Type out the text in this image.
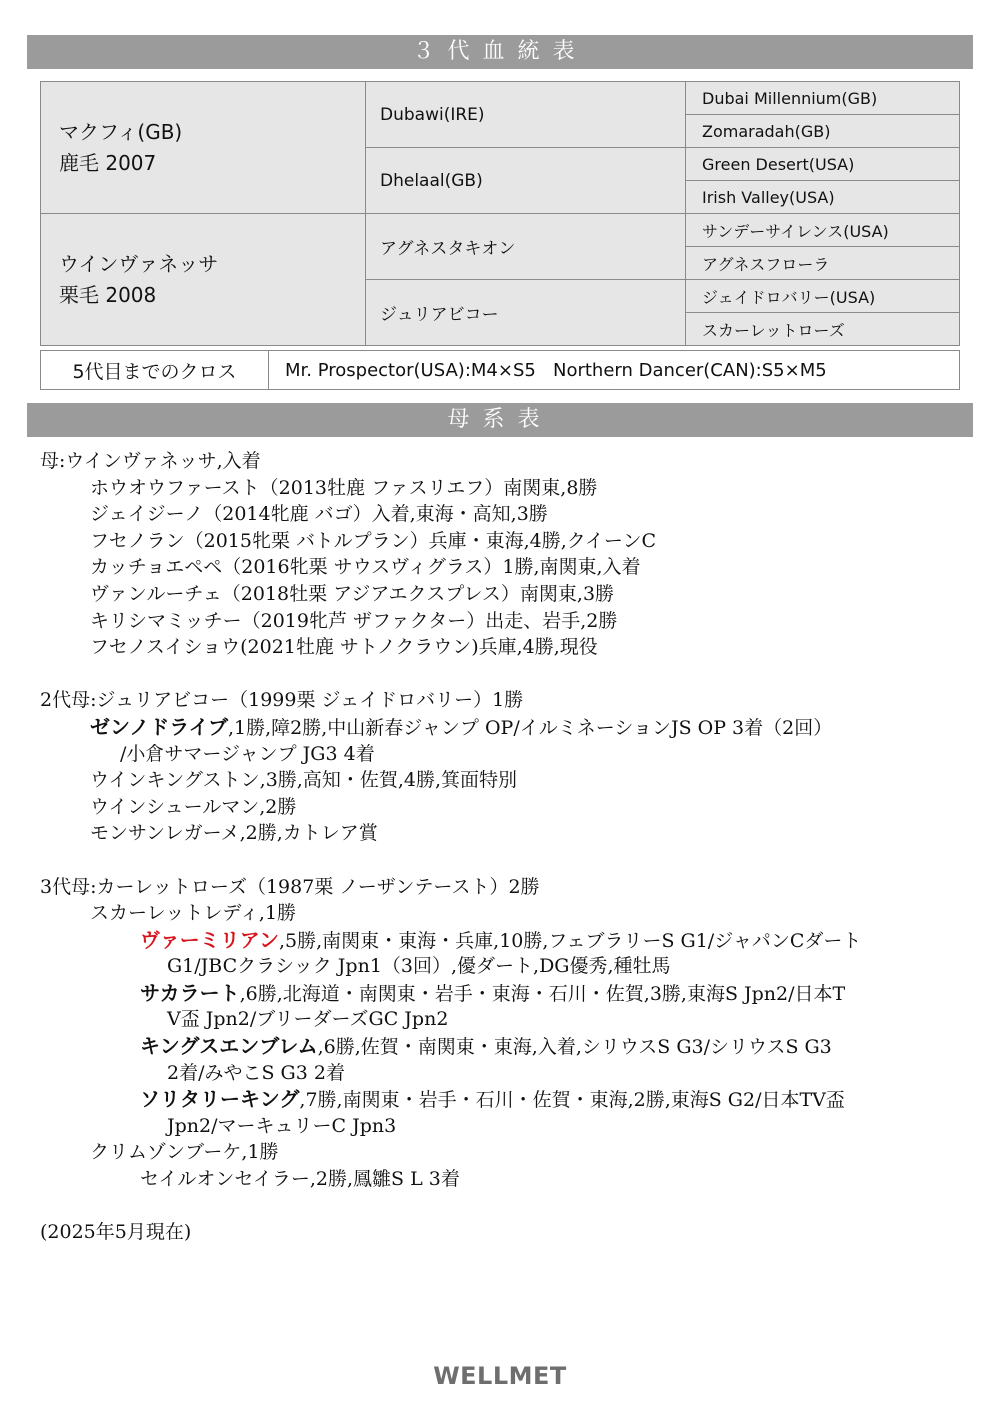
３代血統表
マクフィ(GB)
鹿毛 2007	Dubawi(IRE)	Dubai Millennium(GB)
		Zomaradah(GB)
	Dhelaal(GB)	Green Desert(USA)
		Irish Valley(USA)

ウインヴァネッサ
栗毛 2008	アグネスタキオン	サンデーサイレンス(USA)
		アグネスフローラ
	ジュリアビコー	ジェイドロバリー(USA)
		スカーレットローズ
5代目までのクロス	Mr. Prospector(USA):M4×S5   Northern Dancer(CAN):S5×M5
母系表
母:ウインヴァネッサ,入着
ホウオウファースト（2013牡鹿 ファスリエフ）南関東,8勝
ジェイジーノ（2014牝鹿 バゴ）入着,東海・高知,3勝
フセノラン（2015牝栗 バトルプラン）兵庫・東海,4勝,クイーンC
カッチョエペペ（2016牝栗 サウスヴィグラス）1勝,南関東,入着
ヴァンルーチェ（2018牡栗 アジアエクスプレス）南関東,3勝
キリシマミッチー（2019牝芦 ザファクター）出走、岩手,2勝
フセノスイショウ(2021牡鹿 サトノクラウン)兵庫,4勝,現役
2代母:ジュリアビコー（1999栗 ジェイドロバリー）1勝
ゼンノドライブ,1勝,障2勝,中山新春ジャンプ OP/イルミネーションJS OP 3着（2回）
/小倉サマージャンプ JG3 4着
ウインキングストン,3勝,高知・佐賀,4勝,箕面特別
ウインシュールマン,2勝
モンサンレガーメ,2勝,カトレア賞
3代母:カーレットローズ（1987栗 ノーザンテースト）2勝
スカーレットレディ,1勝
ヴァーミリアン,5勝,南関東・東海・兵庫,10勝,フェブラリーS G1/ジャパンCダート
G1/JBCクラシック Jpn1（3回）,優ダート,DG優秀,種牡馬
サカラート,6勝,北海道・南関東・岩手・東海・石川・佐賀,3勝,東海S Jpn2/日本T
V盃 Jpn2/ブリーダーズGC Jpn2
キングスエンブレム,6勝,佐賀・南関東・東海,入着,シリウスS G3/シリウスS G3
2着/みやこS G3 2着
ソリタリーキング,7勝,南関東・岩手・石川・佐賀・東海,2勝,東海S G2/日本TV盃
Jpn2/マーキュリーC Jpn3
クリムゾンブーケ,1勝
セイルオンセイラー,2勝,鳳雛S L 3着
(2025年5月現在)
WELLMET
